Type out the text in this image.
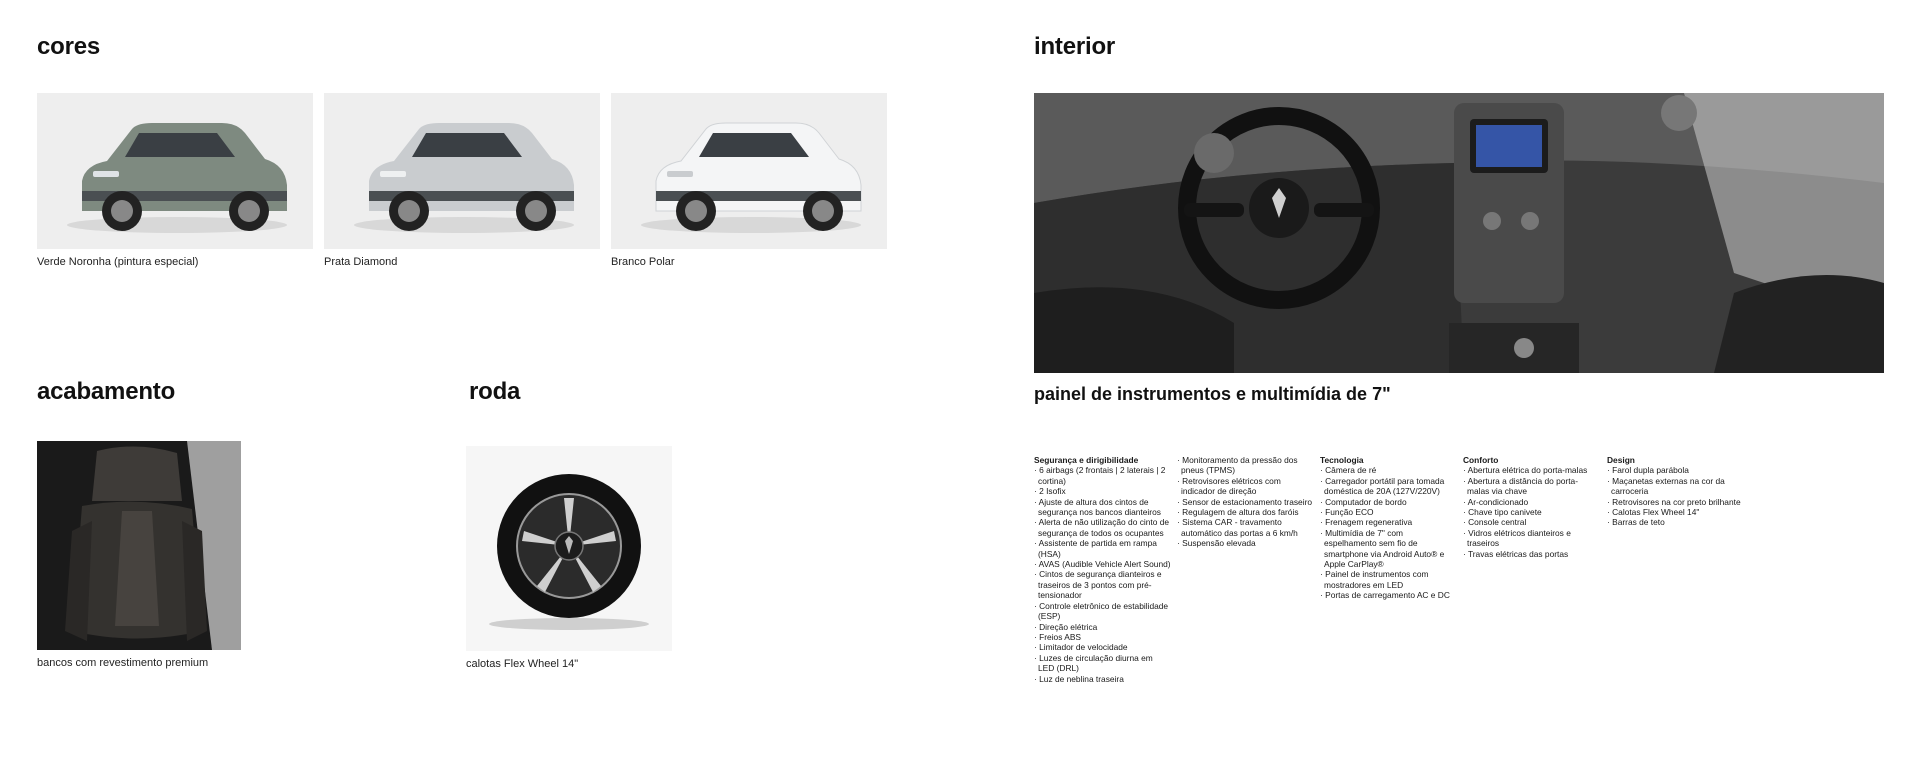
cores
Verde Noronha (pintura especial)	Prata Diamond	Branco Polar
interior
painel de instrumentos e multimídia de 7"
acabamento
bancos com revestimento premium
roda
calotas Flex Wheel 14"
Segurança e dirigibilidade
· 6 airbags (2 frontais | 2 laterais | 2 cortina)
· 2 Isofix
· Ajuste de altura dos cintos de segurança nos bancos dianteiros
· Alerta de não utilização do cinto de segurança de todos os ocupantes
· Assistente de partida em rampa (HSA)
· AVAS (Audible Vehicle Alert Sound)
· Cintos de segurança dianteiros e traseiros de 3 pontos com pré-tensionador
· Controle eletrônico de estabilidade (ESP)
· Direção elétrica
· Freios ABS
· Limitador de velocidade
· Luzes de circulação diurna em LED (DRL)
· Luz de neblina traseira
· Monitoramento da pressão dos pneus (TPMS)
· Retrovisores elétricos com indicador de direção
· Sensor de estacionamento traseiro
· Regulagem de altura dos faróis
· Sistema CAR - travamento automático das portas a 6 km/h
· Suspensão elevada
Tecnologia
· Câmera de ré
· Carregador portátil para tomada doméstica de 20A (127V/220V)
· Computador de bordo
· Função ECO
· Frenagem regenerativa
· Multimídia de 7" com espelhamento sem fio de smartphone via Android Auto® e Apple CarPlay®
· Painel de instrumentos com mostradores em LED
· Portas de carregamento AC e DC
Conforto
· Abertura elétrica do porta-malas
· Abertura a distância do porta-malas via chave
· Ar-condicionado
· Chave tipo canivete
· Console central
· Vidros elétricos dianteiros e traseiros
· Travas elétricas das portas
Design
· Farol dupla parábola
· Maçanetas externas na cor da carroceria
· Retrovisores na cor preto brilhante
· Calotas Flex Wheel 14"
· Barras de teto
